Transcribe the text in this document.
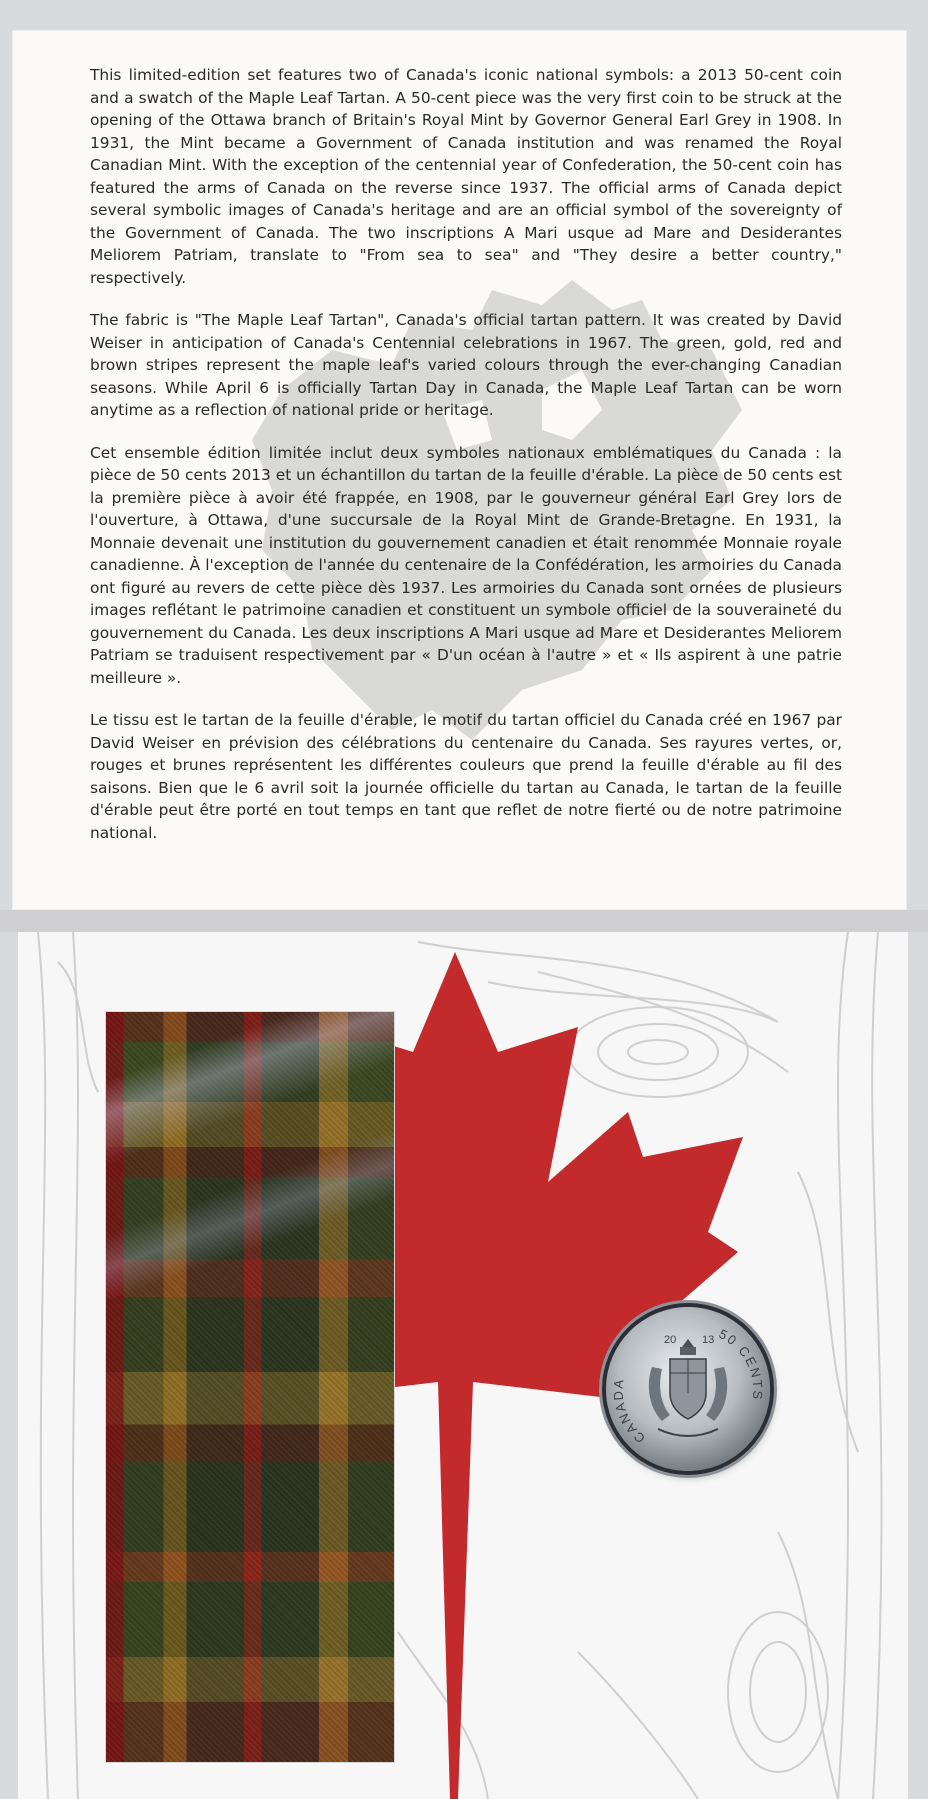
This limited-edition set features two of Canada's iconic national symbols: a 2013 50-cent coin and a swatch of the Maple Leaf Tartan. A 50-cent piece was the very first coin to be struck at the opening of the Ottawa branch of Britain's Royal Mint by Governor General Earl Grey in 1908. In 1931, the Mint became a Government of Canada institution and was renamed the Royal Canadian Mint. With the exception of the centennial year of Confederation, the 50-cent coin has featured the arms of Canada on the reverse since 1937. The official arms of Canada depict several symbolic images of Canada's heritage and are an official symbol of the sovereignty of the Government of Canada. The two inscriptions A Mari usque ad Mare and Desiderantes Meliorem Patriam, translate to "From sea to sea" and "They desire a better country," respectively.

The fabric is "The Maple Leaf Tartan", Canada's official tartan pattern. It was created by David Weiser in anticipation of Canada's Centennial celebrations in 1967. The green, gold, red and brown stripes represent the maple leaf's varied colours through the ever-changing Canadian seasons. While April 6 is officially Tartan Day in Canada, the Maple Leaf Tartan can be worn anytime as a reflection of national pride or heritage.

Cet ensemble édition limitée inclut deux symboles nationaux emblématiques du Canada : la pièce de 50 cents 2013 et un échantillon du tartan de la feuille d'érable. La pièce de 50 cents est la première pièce à avoir été frappée, en 1908, par le gouverneur général Earl Grey lors de l'ouverture, à Ottawa, d'une succursale de la Royal Mint de Grande-Bretagne. En 1931, la Monnaie devenait une institution du gouvernement canadien et était renommée Monnaie royale canadienne. À l'exception de l'année du centenaire de la Confédération, les armoiries du Canada ont figuré au revers de cette pièce dès 1937. Les armoiries du Canada sont ornées de plusieurs images reflétant le patrimoine canadien et constituent un symbole officiel de la souveraineté du gouvernement du Canada. Les deux inscriptions A Mari usque ad Mare et Desiderantes Meliorem Patriam se traduisent respectivement par « D'un océan à l'autre » et « Ils aspirent à une patrie meilleure ».

Le tissu est le tartan de la feuille d'érable, le motif du tartan officiel du Canada créé en 1967 par David Weiser en prévision des célébrations du centenaire du Canada. Ses rayures vertes, or, rouges et brunes représentent les différentes couleurs que prend la feuille d'érable au fil des saisons. Bien que le 6 avril soit la journée officielle du tartan au Canada, le tartan de la feuille d'érable peut être porté en tout temps en tant que reflet de notre fierté ou de notre patrimoine national.

CANADA
50 CENTS
20 13
